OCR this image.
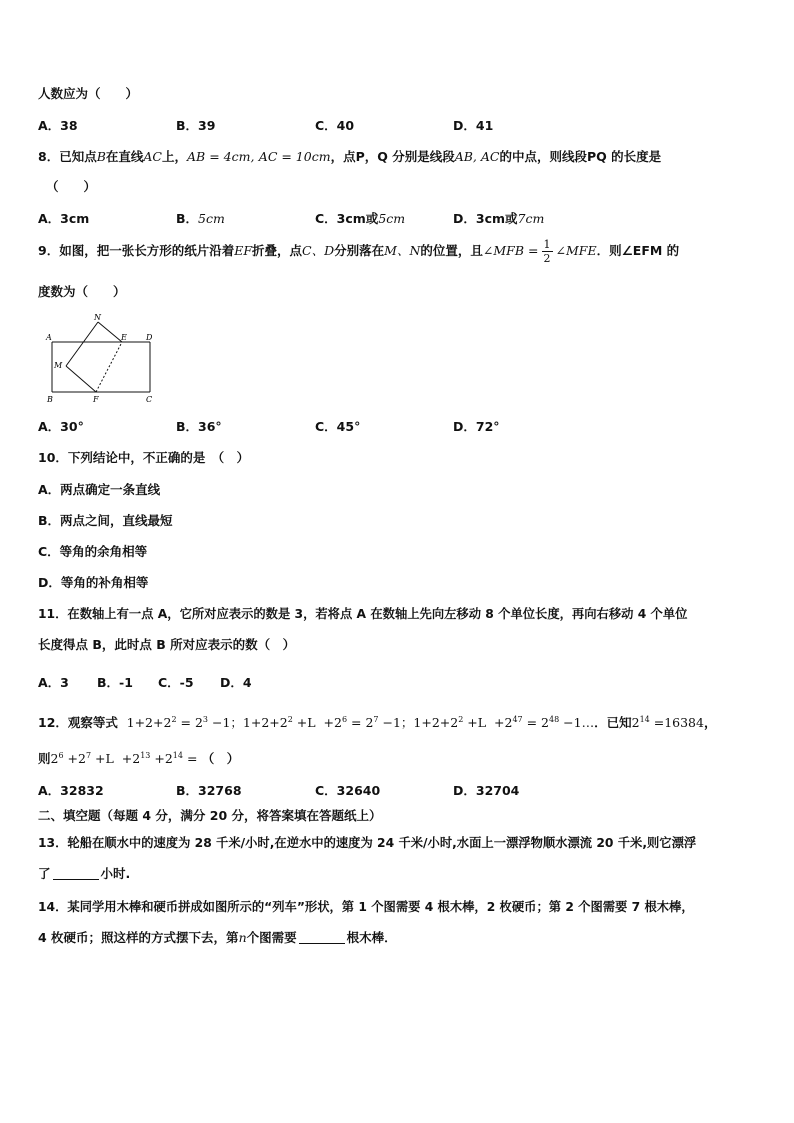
人数应为（　　）
A．38	B．39	C．40	D．41
8．已知点B在直线AC上，AB = 4cm, AC = 10cm，点P，Q 分别是线段AB, AC的中点，则线段PQ 的长度是
（　　）
A．3cm	B．5cm	C．3cm或5cm	D．3cm或7cm
9．如图，把一张长方形的纸片沿着EF折叠，点C、D分别落在M、N的位置，且∠MFB = $\frac{1}{2}$ ∠MFE．则∠EFM 的
度数为（　　）
A
N
E D
M
B	F	C
A．30°	B．36°	C．45°	D．72°
10．下列结论中，不正确的是　（　）
A．两点确定一条直线
B．两点之间，直线最短
C．等角的余角相等
D．等角的补角相等
11．在数轴上有一点 A，它所对应表示的数是 3，若将点 A 在数轴上先向左移动 8 个单位长度，再向右移动 4 个单位
长度得点 B，此时点 B 所对应表示的数（　）
A．3 B．-1 C．-5 D．4
12．观察等式 $1+2+2^2 = 2^3 -1$；$1+2+2^2 +L +2^6 = 2^7 -1$；$1+2+2^2 +L +2^{47} = 2^{48}$ −1…．已知$2^{14} =16384$，
则$2^6 +2^7 +L +2^{13} +2^{14}$ = （　）
A．32832	B．32768	C．32640	D．32704
二、填空题（每题 4 分，满分 20 分，将答案填在答题纸上）
13．轮船在顺水中的速度为 28 千米/小时,在逆水中的速度为 24 千米/小时,水面上一漂浮物顺水漂流 20 千米,则它漂浮
了	小时.
14．某同学用木棒和硬币拼成如图所示的“列车”形状，第 1 个图需要 4 根木棒，2 枚硬币；第 2 个图需要 7 根木棒，
4 枚硬币；照这样的方式摆下去，第n个图需要	根木棒．
